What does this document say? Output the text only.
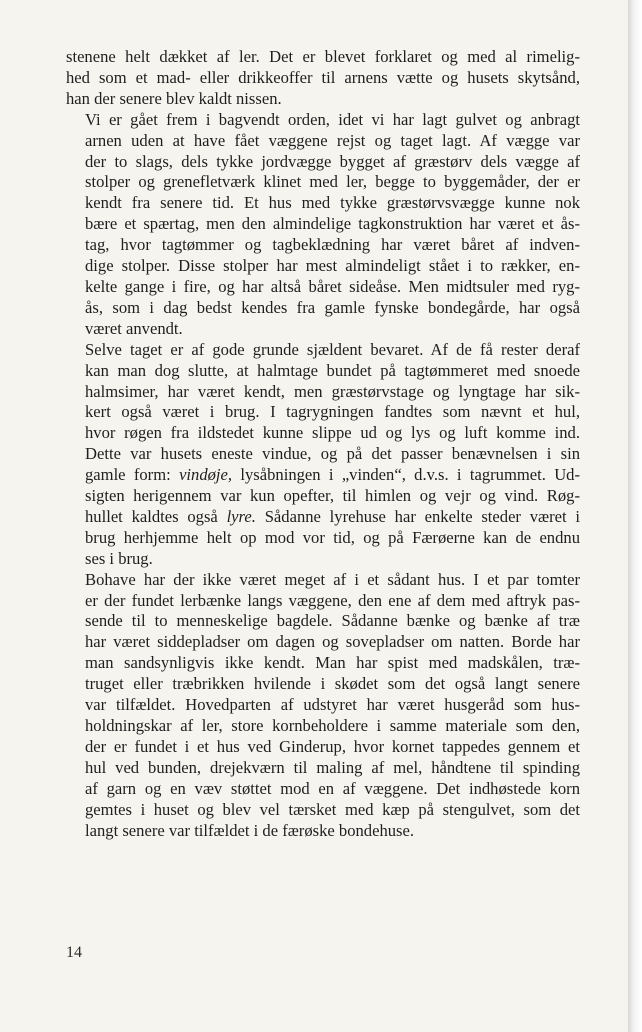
stenene helt dækket af ler. Det er blevet forklaret og med al rimelig-
hed som et mad- eller drikkeoffer til arnens vætte og husets skytsånd,
han der senere blev kaldt nissen.
Vi er gået frem i bagvendt orden, idet vi har lagt gulvet og anbragt
arnen uden at have fået væggene rejst og taget lagt. Af vægge var
der to slags, dels tykke jordvægge bygget af græstørv dels vægge af
stolper og grenefletværk klinet med ler, begge to byggemåder, der er
kendt fra senere tid. Et hus med tykke græstørvsvægge kunne nok
bære et spærtag, men den almindelige tagkonstruktion har været et ås-
tag, hvor tagtømmer og tagbeklædning har været båret af indven-
dige stolper. Disse stolper har mest almindeligt stået i to rækker, en-
kelte gange i fire, og har altså båret sideåse. Men midtsuler med ryg-
ås, som i dag bedst kendes fra gamle fynske bondegårde, har også
været anvendt.
Selve taget er af gode grunde sjældent bevaret. Af de få rester deraf
kan man dog slutte, at halmtage bundet på tagtømmeret med snoede
halmsimer, har været kendt, men græstørvstage og lyngtage har sik-
kert også været i brug. I tagrygningen fandtes som nævnt et hul,
hvor røgen fra ildstedet kunne slippe ud og lys og luft komme ind.
Dette var husets eneste vindue, og på det passer benævnelsen i sin
gamle form: vindøje, lysåbningen i „vinden“, d.v.s. i tagrummet. Ud-
sigten herigennem var kun opefter, til himlen og vejr og vind. Røg-
hullet kaldtes også lyre. Sådanne lyrehuse har enkelte steder været i
brug herhjemme helt op mod vor tid, og på Færøerne kan de endnu
ses i brug.
Bohave har der ikke været meget af i et sådant hus. I et par tomter
er der fundet lerbænke langs væggene, den ene af dem med aftryk pas-
sende til to menneskelige bagdele. Sådanne bænke og bænke af træ
har været siddepladser om dagen og sovepladser om natten. Borde har
man sandsynligvis ikke kendt. Man har spist med madskålen, træ-
truget eller træbrikken hvilende i skødet som det også langt senere
var tilfældet. Hovedparten af udstyret har været husgeråd som hus-
holdningskar af ler, store kornbeholdere i samme materiale som den,
der er fundet i et hus ved Ginderup, hvor kornet tappedes gennem et
hul ved bunden, drejekværn til maling af mel, håndtene til spinding
af garn og en væv støttet mod en af væggene. Det indhøstede korn
gemtes i huset og blev vel tærsket med kæp på stengulvet, som det
langt senere var tilfældet i de færøske bondehuse.
14
